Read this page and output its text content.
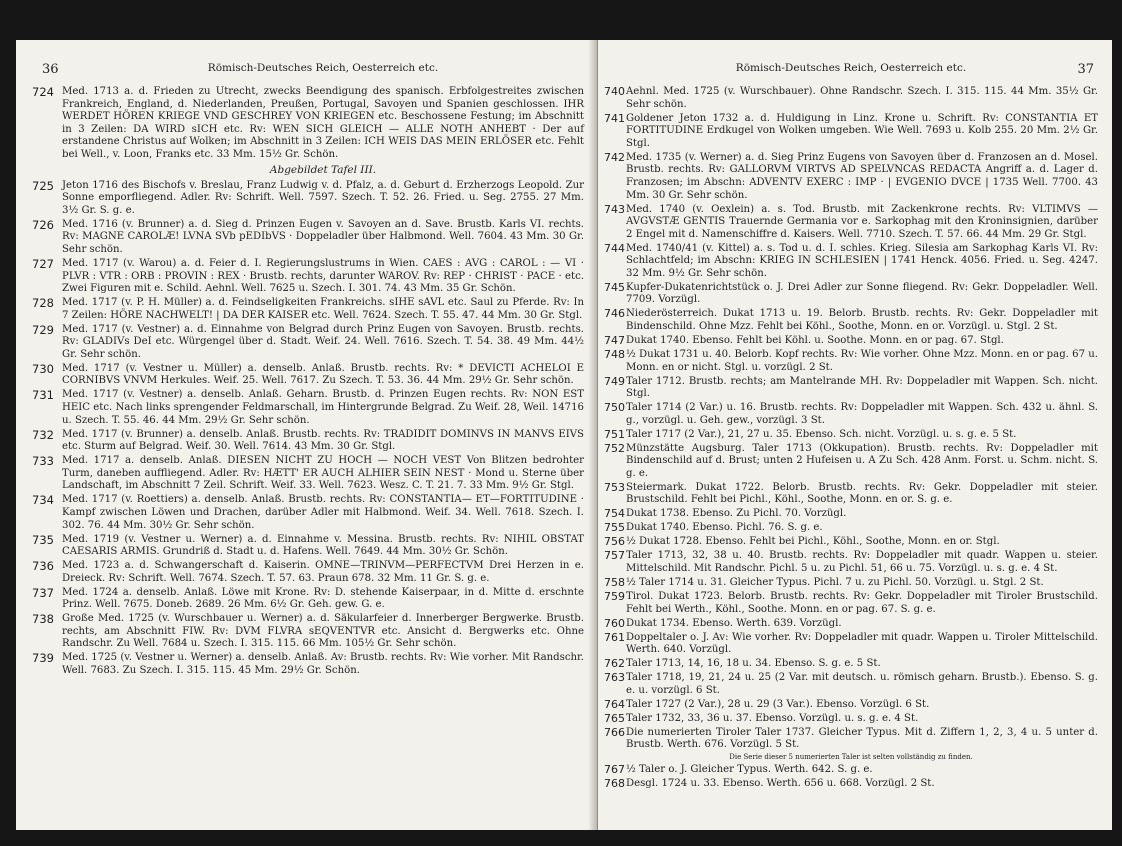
36	Römisch-Deutsches Reich, Oesterreich etc.
724 Med. 1713 a. d. Frieden zu Utrecht, zwecks Beendigung des spanisch. Erbfolgestreites zwischen Frankreich, England, d. Niederlanden, Preußen, Portugal, Savoyen und Spanien geschlossen. IHR WERDET HÖREN KRIEGE VND GESCHREY VON KRIEGEN etc. Beschossene Festung; im Abschnitt in 3 Zeilen: DA WIRD sICH etc. Rv: WEN SICH GLEICH — ALLE NOTH ANHEBT · Der auf erstandene Christus auf Wolken; im Abschnitt in 3 Zeilen: ICH WEIS DAS MEIN ERLÖSER etc. Fehlt bei Well., v. Loon, Franks etc. 33 Mm. 15½ Gr. Schön.
Abgebildet Tafel III.
725 Jeton 1716 des Bischofs v. Breslau, Franz Ludwig v. d. Pfalz, a. d. Geburt d. Erzherzogs Leopold. Zur Sonne emporfliegend. Adler. Rv: Schrift. Well. 7597. Szech. T. 52. 26. Fried. u. Seg. 2755. 27 Mm. 3½ Gr. S. g. e.
726 Med. 1716 (v. Brunner) a. d. Sieg d. Prinzen Eugen v. Savoyen an d. Save. Brustb. Karls VI. rechts. Rv: MAGNE CAROLÆ! LVNA SVb pEDIbVS · Doppeladler über Halbmond. Well. 7604. 43 Mm. 30 Gr. Sehr schön.
727 Med. 1717 (v. Warou) a. d. Feier d. I. Regierungslustrums in Wien. CAES : AVG : CAROL : — VI · PLVR : VTR : ORB : PROVIN : REX · Brustb. rechts, darunter WAROV. Rv: REP · CHRIST · PACE · etc. Zwei Figuren mit e. Schild. Aehnl. Well. 7625 u. Szech. I. 301. 74. 43 Mm. 35 Gr. Schön.
728 Med. 1717 (v. P. H. Müller) a. d. Feindseligkeiten Frankreichs. sIHE sAVL etc. Saul zu Pferde. Rv: In 7 Zeilen: HÖRE NACHWELT! | DA DER KAISER etc. Well. 7624. Szech. T. 55. 47. 44 Mm. 30 Gr. Stgl.
729 Med. 1717 (v. Vestner) a. d. Einnahme von Belgrad durch Prinz Eugen von Savoyen. Brustb. rechts. Rv: GLADIVs DeI etc. Würgengel über d. Stadt. Weif. 24. Well. 7616. Szech. T. 54. 38. 49 Mm. 44½ Gr. Sehr schön.
730 Med. 1717 (v. Vestner u. Müller) a. denselb. Anlaß. Brustb. rechts. Rv: * DEVICTI ACHELOI E CORNIBVS VNVM Herkules. Weif. 25. Well. 7617. Zu Szech. T. 53. 36. 44 Mm. 29½ Gr. Sehr schön.
731 Med. 1717 (v. Vestner) a. denselb. Anlaß. Geharn. Brustb. d. Prinzen Eugen rechts. Rv: NON EST HEIC etc. Nach links sprengender Feldmarschall, im Hintergrunde Belgrad. Zu Weif. 28, Weil. 14716 u. Szech. T. 55. 46. 44 Mm. 29½ Gr. Sehr schön.
732 Med. 1717 (v. Brunner) a. denselb. Anlaß. Brustb. rechts. Rv: TRADIDIT DOMINVS IN MANVS EIVS etc. Sturm auf Belgrad. Weif. 30. Well. 7614. 43 Mm. 30 Gr. Stgl.
733 Med. 1717 a. denselb. Anlaß. DIESEN NICHT ZU HOCH — NOCH VEST Von Blitzen bedrohter Turm, daneben auffliegend. Adler. Rv: HÆTT' ER AUCH ALHIER SEIN NEST · Mond u. Sterne über Landschaft, im Abschnitt 7 Zeil. Schrift. Weif. 33. Well. 7623. Wesz. C. T. 21. 7. 33 Mm. 9½ Gr. Stgl.
734 Med. 1717 (v. Roettiers) a. denselb. Anlaß. Brustb. rechts. Rv: CONSTANTIA— ET—FORTITUDINE · Kampf zwischen Löwen und Drachen, darüber Adler mit Halbmond. Weif. 34. Well. 7618. Szech. I. 302. 76. 44 Mm. 30½ Gr. Sehr schön.
735 Med. 1719 (v. Vestner u. Werner) a. d. Einnahme v. Messina. Brustb. rechts. Rv: NIHIL OBSTAT CAESARIS ARMIS. Grundriß d. Stadt u. d. Hafens. Well. 7649. 44 Mm. 30½ Gr. Schön.
736 Med. 1723 a. d. Schwangerschaft d. Kaiserin. OMNE—TRINVM—PERFECTVM Drei Herzen in e. Dreieck. Rv: Schrift. Well. 7674. Szech. T. 57. 63. Praun 678. 32 Mm. 11 Gr. S. g. e.
737 Med. 1724 a. denselb. Anlaß. Löwe mit Krone. Rv: D. stehende Kaiserpaar, in d. Mitte d. erschnte Prinz. Well. 7675. Doneb. 2689. 26 Mm. 6½ Gr. Geh. gew. G. e.
738 Große Med. 1725 (v. Wurschbauer u. Werner) a. d. Säkularfeier d. Innerberger Bergwerke. Brustb. rechts, am Abschnitt FIW. Rv: DVM FLVRA sEQVENTVR etc. Ansicht d. Bergwerks etc. Ohne Randschr. Zu Well. 7684 u. Szech. I. 315. 115. 66 Mm. 105½ Gr. Sehr schön.
739 Med. 1725 (v. Vestner u. Werner) a. denselb. Anlaß. Av: Brustb. rechts. Rv: Wie vorher. Mit Randschr. Well. 7683. Zu Szech. I. 315. 115. 45 Mm. 29½ Gr. Schön.
Römisch-Deutsches Reich, Oesterreich etc.	37
740 Aehnl. Med. 1725 (v. Wurschbauer). Ohne Randschr. Szech. I. 315. 115. 44 Mm. 35½ Gr. Sehr schön.
741 Goldener Jeton 1732 a. d. Huldigung in Linz. Krone u. Schrift. Rv: CONSTANTIA ET FORTITUDINE Erdkugel von Wolken umgeben. Wie Well. 7693 u. Kolb 255. 20 Mm. 2½ Gr. Stgl.
742 Med. 1735 (v. Werner) a. d. Sieg Prinz Eugens von Savoyen über d. Franzosen an d. Mosel. Brustb. rechts. Rv: GALLORVM VIRTVS AD SPELVNCAS REDACTA Angriff a. d. Lager d. Franzosen; im Abschn: ADVENTV EXERC : IMP · | EVGENIO DVCE | 1735 Well. 7700. 43 Mm. 30 Gr. Sehr schön.
743 Med. 1740 (v. Oexlein) a. s. Tod. Brustb. mit Zackenkrone rechts. Rv: VLTIMVS — AVGVSTÆ GENTIS Trauernde Germania vor e. Sarkophag mit den Kroninsignien, darüber 2 Engel mit d. Namenschiffre d. Kaisers. Well. 7710. Szech. T. 57. 66. 44 Mm. 29 Gr. Stgl.
744 Med. 1740/41 (v. Kittel) a. s. Tod u. d. I. schles. Krieg. Silesia am Sarkophag Karls VI. Rv: Schlachtfeld; im Abschn: KRIEG IN SCHLESIEN | 1741 Henck. 4056. Fried. u. Seg. 4247. 32 Mm. 9½ Gr. Sehr schön.
745 Kupfer-Dukatenrichtstück o. J. Drei Adler zur Sonne fliegend. Rv: Gekr. Doppeladler. Well. 7709. Vorzügl.
746 Niederösterreich. Dukat 1713 u. 19. Belorb. Brustb. rechts. Rv: Gekr. Doppeladler mit Bindenschild. Ohne Mzz. Fehlt bei Köhl., Soothe, Monn. en or. Vorzügl. u. Stgl. 2 St.
747 Dukat 1740. Ebenso. Fehlt bei Köhl. u. Soothe. Monn. en or pag. 67. Stgl.
748 ½ Dukat 1731 u. 40. Belorb. Kopf rechts. Rv: Wie vorher. Ohne Mzz. Monn. en or pag. 67 u. Monn. en or nicht. Stgl. u. vorzügl. 2 St.
749 Taler 1712. Brustb. rechts; am Mantelrande MH. Rv: Doppeladler mit Wappen. Sch. nicht. Stgl.
750 Taler 1714 (2 Var.) u. 16. Brustb. rechts. Rv: Doppeladler mit Wappen. Sch. 432 u. ähnl. S. g., vorzügl. u. Geh. gew., vorzügl. 3 St.
751 Taler 1717 (2 Var.), 21, 27 u. 35. Ebenso. Sch. nicht. Vorzügl. u. s. g. e. 5 St.
752 Münzstätte Augsburg. Taler 1713 (Okkupation). Brustb. rechts. Rv: Doppeladler mit Bindenschild auf d. Brust; unten 2 Hufeisen u. A Zu Sch. 428 Anm. Forst. u. Schm. nicht. S. g. e.
753 Steiermark. Dukat 1722. Belorb. Brustb. rechts. Rv: Gekr. Doppeladler mit steier. Brustschild. Fehlt bei Pichl., Köhl., Soothe, Monn. en or. S. g. e.
754 Dukat 1738. Ebenso. Zu Pichl. 70. Vorzügl.
755 Dukat 1740. Ebenso. Pichl. 76. S. g. e.
756 ½ Dukat 1728. Ebenso. Fehlt bei Pichl., Köhl., Soothe, Monn. en or. Stgl.
757 Taler 1713, 32, 38 u. 40. Brustb. rechts. Rv: Doppeladler mit quadr. Wappen u. steier. Mittelschild. Mit Randschr. Pichl. 5 u. zu Pichl. 51, 66 u. 75. Vorzügl. u. s. g. e. 4 St.
758 ½ Taler 1714 u. 31. Gleicher Typus. Pichl. 7 u. zu Pichl. 50. Vorzügl. u. Stgl. 2 St.
759 Tirol. Dukat 1723. Belorb. Brustb. rechts. Rv: Gekr. Doppeladler mit Tiroler Brustschild. Fehlt bei Werth., Köhl., Soothe. Monn. en or pag. 67. S. g. e.
760 Dukat 1734. Ebenso. Werth. 639. Vorzügl.
761 Doppeltaler o. J. Av: Wie vorher. Rv: Doppeladler mit quadr. Wappen u. Tiroler Mittelschild. Werth. 640. Vorzügl.
762 Taler 1713, 14, 16, 18 u. 34. Ebenso. S. g. e. 5 St.
763 Taler 1718, 19, 21, 24 u. 25 (2 Var. mit deutsch. u. römisch geharn. Brustb.). Ebenso. S. g. e. u. vorzügl. 6 St.
764 Taler 1727 (2 Var.), 28 u. 29 (3 Var.). Ebenso. Vorzügl. 6 St.
765 Taler 1732, 33, 36 u. 37. Ebenso. Vorzügl. u. s. g. e. 4 St.
766 Die numerierten Tiroler Taler 1737. Gleicher Typus. Mit d. Ziffern 1, 2, 3, 4 u. 5 unter d. Brustb. Werth. 676. Vorzügl. 5 St.
Die Serie dieser 5 numerierten Taler ist selten vollständig zu finden.
767 ½ Taler o. J. Gleicher Typus. Werth. 642. S. g. e.
768 Desgl. 1724 u. 33. Ebenso. Werth. 656 u. 668. Vorzügl. 2 St.
